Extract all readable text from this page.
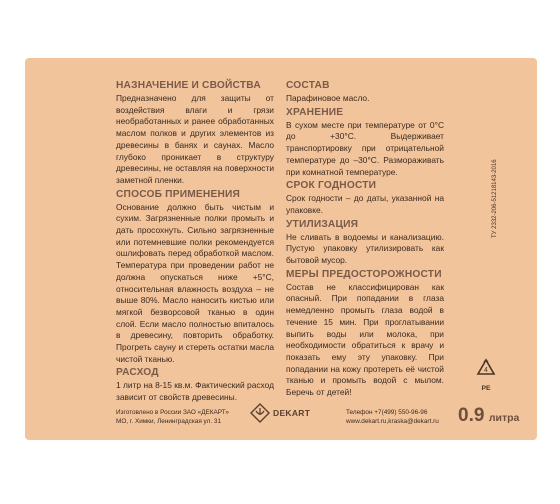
НАЗНАЧЕНИЕ И СВОЙСТВА
Предназначено для защиты от воздействия влаги и грязи необработанных и ранее обработанных маслом полков и других элементов из древесины в банях и саунах. Масло глубоко проникает в структуру древесины, не оставляя на поверхности заметной пленки.
СПОСОБ ПРИМЕНЕНИЯ
Основание должно быть чистым и сухим. Загрязненные полки промыть и дать просохнуть. Сильно загрязненные или потемневшие полки рекомендуется ошлифовать перед обработкой маслом. Температура при проведении работ не должна опускаться ниже +5°С, относительная влажность воздуха – не выше 80%. Масло наносить кистью или мягкой безворсовой тканью в один слой. Если масло полностью впиталось в древесину, повторить обработку. Прогреть сауну и стереть остатки масла чистой тканью.
РАСХОД
1 литр на 8-15 кв.м. Фактический расход зависит от свойств древесины.
СОСТАВ
Парафиновое масло.
ХРАНЕНИЕ
В сухом месте при температуре от 0°С до +30°С. Выдерживает транспортировку при отрицательной температуре до –30°С. Размораживать при комнатной температуре.
СРОК ГОДНОСТИ
Срок годности – до даты, указанной на упаковке.
УТИЛИЗАЦИЯ
Не сливать в водоемы и канализацию. Пустую упаковку утилизировать как бытовой мусор.
МЕРЫ ПРЕДОСТОРОЖНОСТИ
Состав не классифицирован как опасный. При попадании в глаза немедленно промыть глаза водой в течение 15 мин. При проглатывании выпить воды или молока, при необходимости обратиться к врачу и показать ему эту упаковку. При попадании на кожу протереть её чистой тканью и промыть водой с мылом. Беречь от детей!
4
PE
ТУ 2332-206-51218143-2016
Изготовлено в России ЗАО «ДЕКАРТ»
МО, г. Химки, Ленинградская ул. 31
DEKART	Телефон +7(499) 550-96-96
www.dekart.ru,kraska@dekart.ru	0.9 литра
